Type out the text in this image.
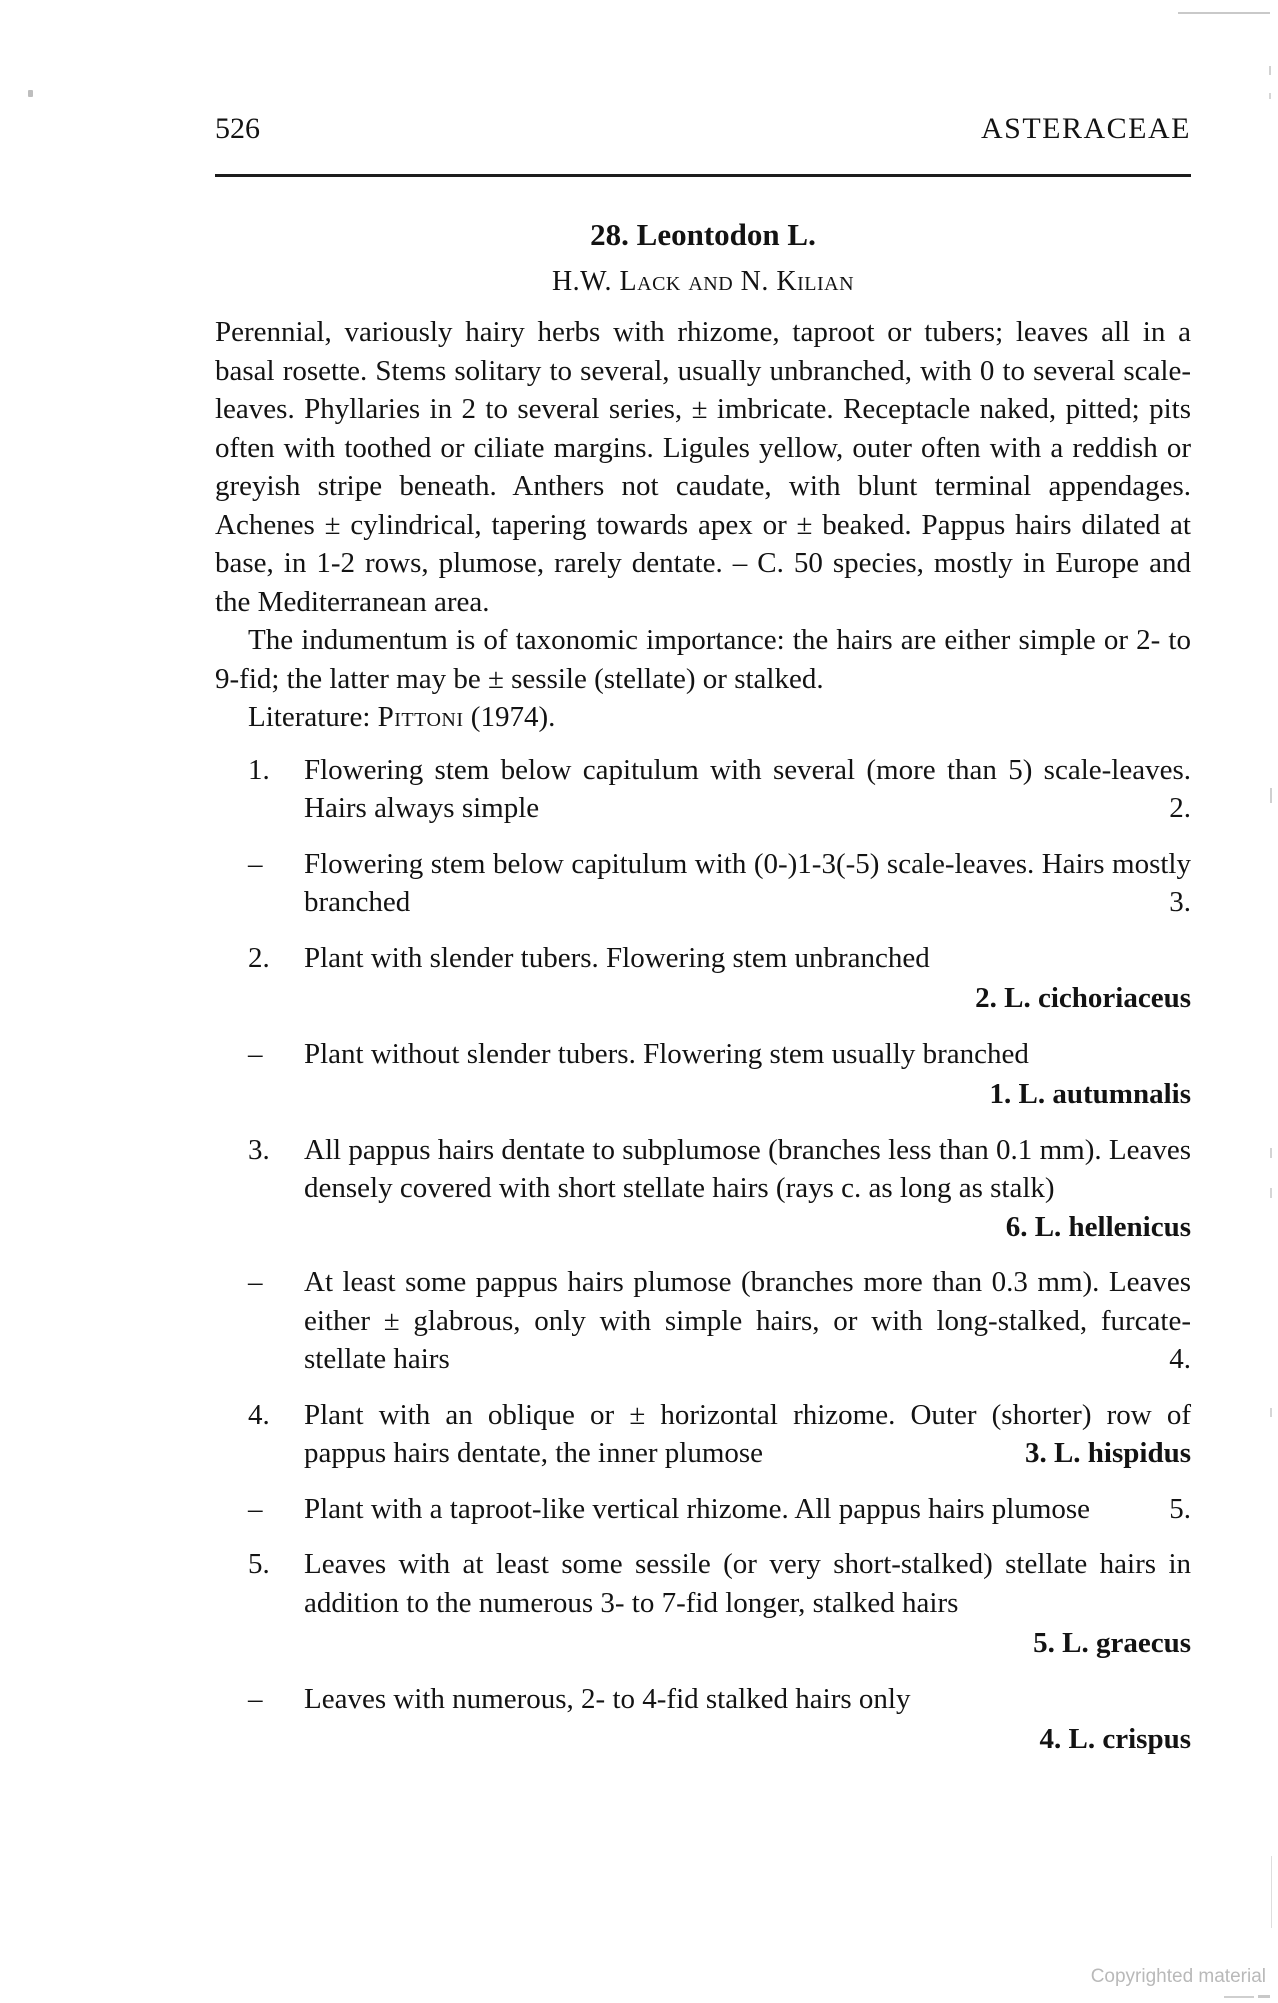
526	ASTERACEAE
28. Leontodon L.
H.W. Lack and N. Kilian

Perennial, variously hairy herbs with rhizome, taproot or tubers; leaves all in a basal rosette. Stems solitary to several, usually unbranched, with 0 to several scale-leaves. Phyllaries in 2 to several series, ± imbricate. Receptacle naked, pitted; pits often with toothed or ciliate margins. Ligules yellow, outer often with a reddish or greyish stripe beneath. Anthers not caudate, with blunt terminal appendages. Achenes ± cylindrical, tapering towards apex or ± beaked. Pappus hairs dilated at base, in 1-2 rows, plumose, rarely dentate. – C. 50 species, mostly in Europe and the Mediterranean area.

The indumentum is of taxonomic importance: the hairs are either simple or 2- to 9-fid; the latter may be ± sessile (stellate) or stalked.

Literature: Pittoni (1974).

1.	Flowering stem below capitulum with several (more than 5) scale-leaves. Hairs always simple	2.

–	Flowering stem below capitulum with (0-)1-3(-5) scale-leaves. Hairs mostly branched	3.

2.	Plant with slender tubers. Flowering stem unbranched

2. L. cichoriaceus
–	Plant without slender tubers. Flowering stem usually branched

1. L. autumnalis
3.	All pappus hairs dentate to subplumose (branches less than 0.1 mm). Leaves densely covered with short stellate hairs (rays c. as long as stalk)
6. L. hellenicus

–	At least some pappus hairs plumose (branches more than 0.3 mm). Leaves either ± glabrous, only with simple hairs, or with long-stalked, furcate-stellate hairs	4.

4.	Plant with an oblique or ± horizontal rhizome. Outer (shorter) row of pappus hairs dentate, the inner plumose	3. L. hispidus

–	Plant with a taproot-like vertical rhizome. All pappus hairs plumose	5.

5.	Leaves with at least some sessile (or very short-stalked) stellate hairs in addition to the numerous 3- to 7-fid longer, stalked hairs

5. L. graecus
–	Leaves with numerous, 2- to 4-fid stalked hairs only

4. L. crispus
Copyrighted material
